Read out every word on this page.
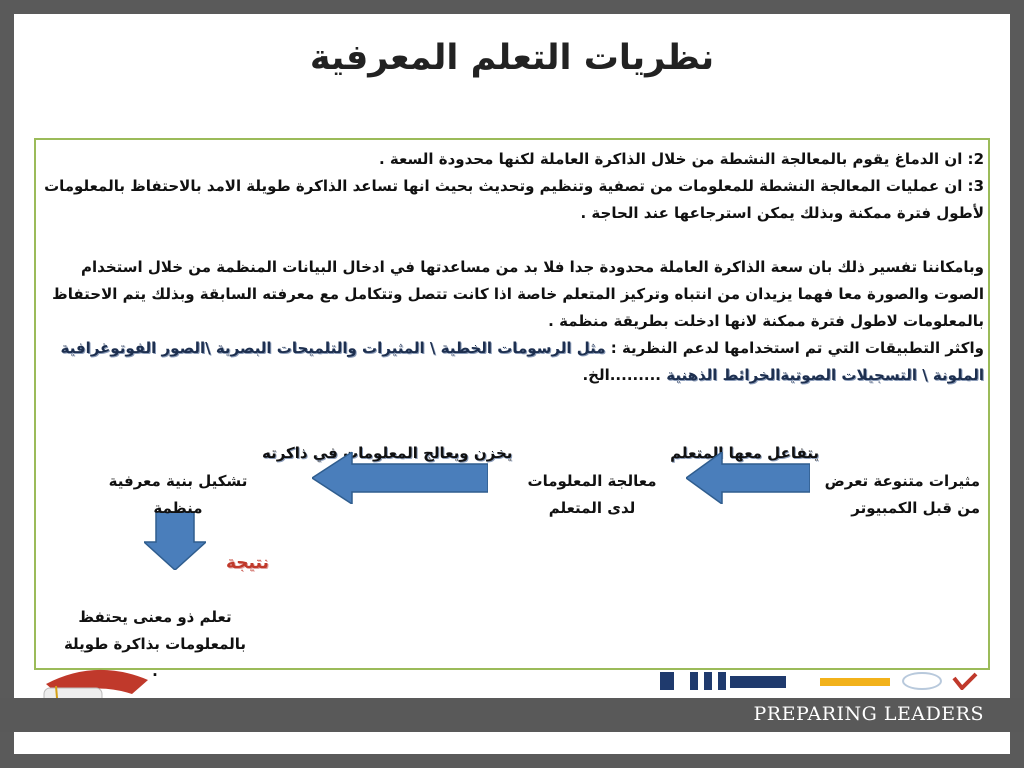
نظريات التعلم المعرفية

2: ان الدماغ يقوم بالمعالجة النشطة من خلال الذاكرة العاملة لكنها محدودة السعة .

3: ان عمليات المعالجة النشطة للمعلومات من تصفية وتنظيم وتحديث بحيث انها تساعد الذاكرة طويلة الامد بالاحتفاظ بالمعلومات لأطول فترة ممكنة وبذلك يمكن استرجاعها عند الحاجة .

وبامكاننا تفسير ذلك بان سعة الذاكرة العاملة محدودة جدا فلا بد من مساعدتها في ادخال البيانات المنظمة من خلال استخدام الصوت والصورة معا فهما يزيدان من انتباه وتركيز المتعلم خاصة اذا كانت تتصل وتتكامل مع معرفته السابقة وبذلك يتم الاحتفاظ بالمعلومات لاطول فترة ممكنة لانها ادخلت بطريقة منظمة .

واكثر التطبيقات التي تم استخدامها لدعم النظرية : مثل الرسومات الخطية \ المثيرات والتلميحات البصرية \الصور الفوتوغرافية الملونة \ التسجيلات الصوتيةالخرائط الذهنية .........الخ.

يتفاعل معها المتعلم
يخزن ويعالج المعلومات في ذاكرته
مثيرات متنوعة تعرض من قبل الكمبيوتر
معالجة المعلومات لدى المتعلم
تشكيل بنية معرفية منظمة
نتيجة
تعلم ذو معنى يحتفظ بالمعلومات بذاكرة طويلة .
PREPARING LEADERS
